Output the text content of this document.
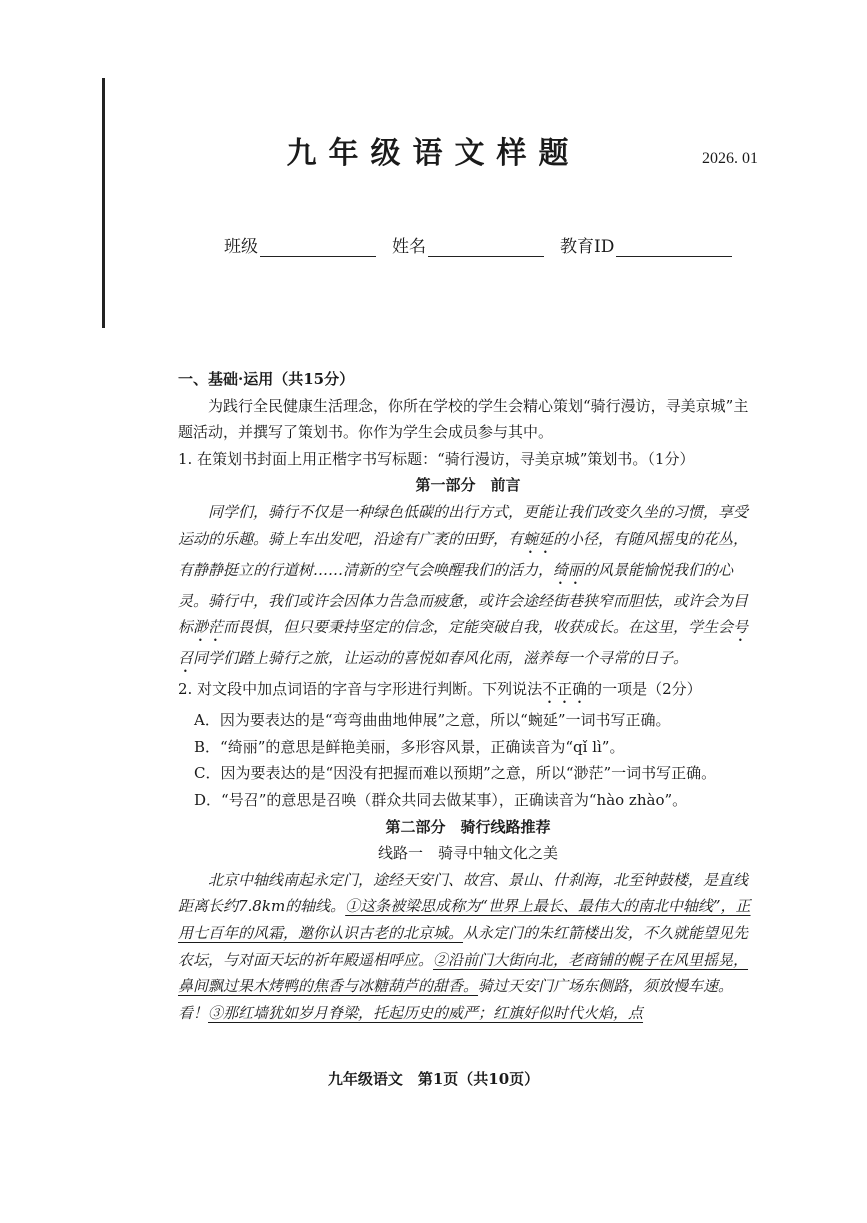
九年级语文样题	2026. 01
班级	姓名	教育ID

一、基础·运用（共15分）

为践行全民健康生活理念，你所在学校的学生会精心策划“骑行漫访，寻美京城”主题活动，并撰写了策划书。你作为学生会成员参与其中。

1. 在策划书封面上用正楷字书写标题：“骑行漫访，寻美京城”策划书。（1分）

第一部分　前言

同学们，骑行不仅是一种绿色低碳的出行方式，更能让我们改变久坐的习惯，享受运动的乐趣。骑上车出发吧，沿途有广袤的田野，有蜿延的小径，有随风摇曳的花丛，有静静挺立的行道树……清新的空气会唤醒我们的活力，绮丽的风景能愉悦我们的心灵。骑行中，我们或许会因体力告急而疲惫，或许会途经街巷狭窄而胆怯，或许会为目标渺茫而畏惧，但只要秉持坚定的信念，定能突破自我，收获成长。在这里，学生会号召同学们踏上骑行之旅，让运动的喜悦如春风化雨，滋养每一个寻常的日子。

2. 对文段中加点词语的字音与字形进行判断。下列说法不正确的一项是（2分）

A．因为要表达的是“弯弯曲曲地伸展”之意，所以“蜿延”一词书写正确。

B．“绮丽”的意思是鲜艳美丽，多形容风景，正确读音为“qǐ lì”。

C．因为要表达的是“因没有把握而难以预期”之意，所以“渺茫”一词书写正确。

D．“号召”的意思是召唤（群众共同去做某事），正确读音为“hào zhào”。

第二部分　骑行线路推荐

线路一　骑寻中轴文化之美

北京中轴线南起永定门，途经天安门、故宫、景山、什刹海，北至钟鼓楼，是直线距离长约7.8km的轴线。①这条被梁思成称为“世界上最长、最伟大的南北中轴线”，正用七百年的风霜，邀你认识古老的北京城。从永定门的朱红箭楼出发，不久就能望见先农坛，与对面天坛的祈年殿遥相呼应。②沿前门大街向北，老商铺的幌子在风里摇晃，鼻间飘过果木烤鸭的焦香与冰糖葫芦的甜香。骑过天安门广场东侧路，须放慢车速。看！③那红墙犹如岁月脊梁，托起历史的威严；红旗好似时代火焰，点

九年级语文　第1页（共10页）
